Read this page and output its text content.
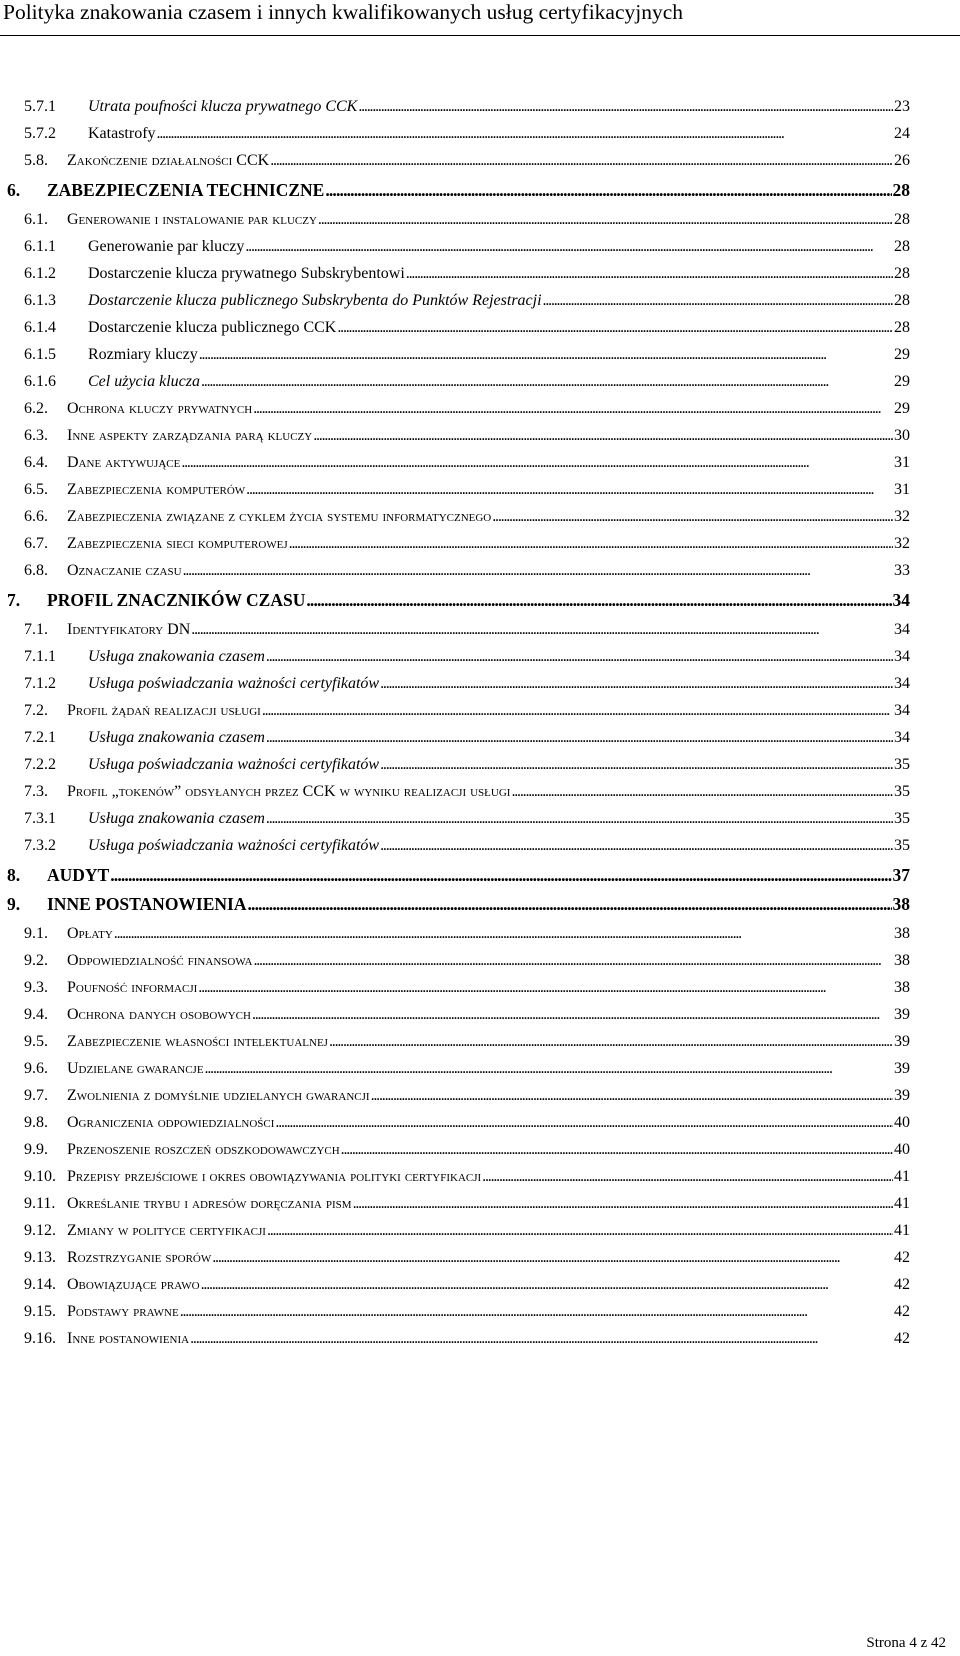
Polityka znakowania czasem i innych kwalifikowanych usług certyfikacyjnych
5.7.1	Utrata poufności klucza prywatnego CCK . . .	23
5.7.2	Katastrofy . . .	24
5.8.	Zakończenie działalności CCK . . .	26
6.	ZABEZPIECZENIA TECHNICZNE . . .	28
6.1.	Generowanie i instalowanie par kluczy . . .	28
6.1.1	Generowanie par kluczy . . .	28
6.1.2	Dostarczenie klucza prywatnego Subskrybentowi . . .	28
6.1.3	Dostarczenie klucza publicznego Subskrybenta do Punktów Rejestracji . . .	28
6.1.4	Dostarczenie klucza publicznego CCK . . .	28
6.1.5	Rozmiary kluczy . . .	29
6.1.6	Cel użycia klucza . . .	29
6.2.	Ochrona kluczy prywatnych . . .	29
6.3.	Inne aspekty zarządzania parą kluczy . . .	30
6.4.	Dane aktywujące . . .	31
6.5.	Zabezpieczenia komputerów . . .	31
6.6.	Zabezpieczenia związane z cyklem życia systemu informatycznego . . .	32
6.7.	Zabezpieczenia sieci komputerowej . . .	32
6.8.	Oznaczanie czasu . . .	33
7.	PROFIL ZNACZNIKÓW CZASU . . .	34
7.1.	Identyfikatory DN . . .	34
7.1.1	Usługa znakowania czasem . . .	34
7.1.2	Usługa poświadczania ważności certyfikatów . . .	34
7.2.	Profil żądań realizacji usługi . . .	34
7.2.1	Usługa znakowania czasem . . .	34
7.2.2	Usługa poświadczania ważności certyfikatów . . .	35
7.3.	Profil „tokenów” odsyłanych przez CCK w wyniku realizacji usługi . . .	35
7.3.1	Usługa znakowania czasem . . .	35
7.3.2	Usługa poświadczania ważności certyfikatów . . .	35
8.	AUDYT . . .	37
9.	INNE POSTANOWIENIA . . .	38
9.1.	Opłaty . . .	38
9.2.	Odpowiedzialność finansowa . . .	38
9.3.	Poufność informacji . . .	38
9.4.	Ochrona danych osobowych . . .	39
9.5.	Zabezpieczenie własności intelektualnej . . .	39
9.6.	Udzielane gwarancje . . .	39
9.7.	Zwolnienia z domyślnie udzielanych gwarancji . . .	39
9.8.	Ograniczenia odpowiedzialności . . .	40
9.9.	Przenoszenie roszczeń odszkodowawczych . . .	40
9.10. Przepisy przejściowe i okres obowiązywania polityki certyfikacji . . .	41
9.11. Określanie trybu i adresów doręczania pism . . .	41
9.12. Zmiany w polityce certyfikacji . . .	41
9.13. Rozstrzyganie sporów . . .	42
9.14. Obowiązujące prawo . . .	42
9.15. Podstawy prawne . . .	42
9.16. Inne postanowienia . . .	42
Strona 4 z 42
